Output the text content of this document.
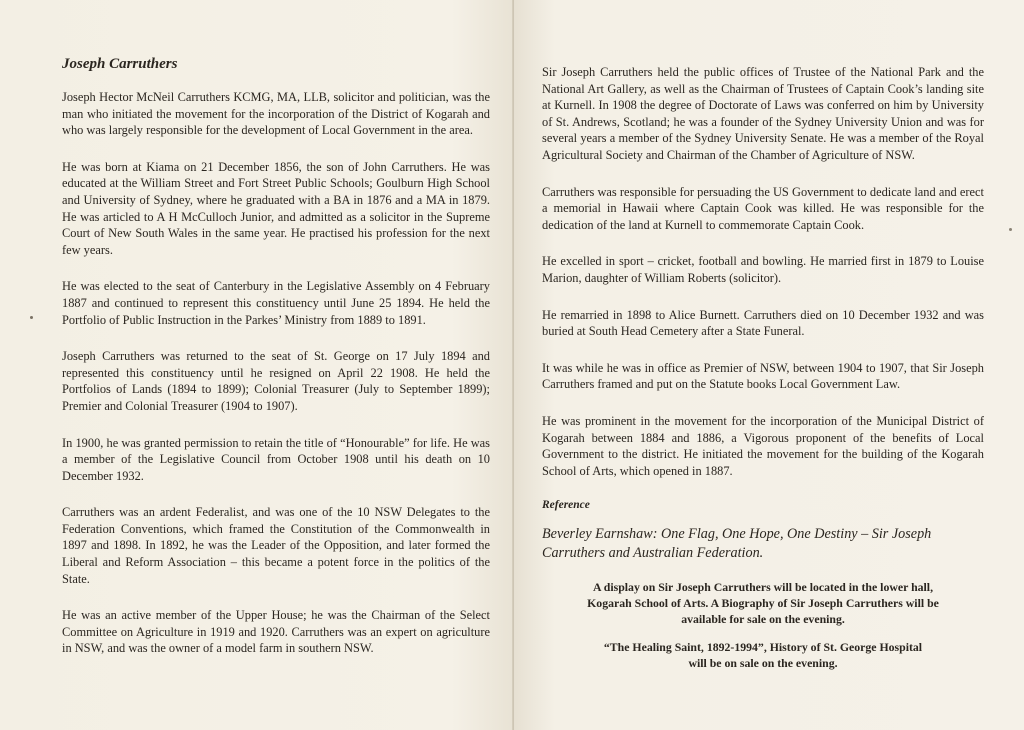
Joseph Carruthers

Joseph Hector McNeil Carruthers KCMG, MA, LLB, solicitor and politician, was the man who initiated the movement for the incorporation of the District of Kogarah and who was largely responsible for the development of Local Government in the area.

He was born at Kiama on 21 December 1856, the son of John Carruthers. He was educated at the William Street and Fort Street Public Schools; Goulburn High School and University of Sydney, where he graduated with a BA in 1876 and a MA in 1879. He was articled to A H McCulloch Junior, and admitted as a solicitor in the Supreme Court of New South Wales in the same year. He practised his profession for the next few years.

He was elected to the seat of Canterbury in the Legislative Assembly on 4 February 1887 and continued to represent this constituency until June 25 1894. He held the Portfolio of Public Instruction in the Parkes’ Ministry from 1889 to 1891.

Joseph Carruthers was returned to the seat of St. George on 17 July 1894 and represented this constituency until he resigned on April 22 1908. He held the Portfolios of Lands (1894 to 1899); Colonial Treasurer (July to September 1899); Premier and Colonial Treasurer (1904 to 1907).

In 1900, he was granted permission to retain the title of “Honourable” for life. He was a member of the Legislative Council from October 1908 until his death on 10 December 1932.

Carruthers was an ardent Federalist, and was one of the 10 NSW Delegates to the Federation Conventions, which framed the Constitution of the Commonwealth in 1897 and 1898. In 1892, he was the Leader of the Opposition, and later formed the Liberal and Reform Association – this became a potent force in the politics of the State.

He was an active member of the Upper House; he was the Chairman of the Select Committee on Agriculture in 1919 and 1920. Carruthers was an expert on agriculture in NSW, and was the owner of a model farm in southern NSW.

Sir Joseph Carruthers held the public offices of Trustee of the National Park and the National Art Gallery, as well as the Chairman of Trustees of Captain Cook’s landing site at Kurnell. In 1908 the degree of Doctorate of Laws was conferred on him by University of St. Andrews, Scotland; he was a founder of the Sydney University Union and was for several years a member of the Sydney University Senate. He was a member of the Royal Agricultural Society and Chairman of the Chamber of Agriculture of NSW.

Carruthers was responsible for persuading the US Government to dedicate land and erect a memorial in Hawaii where Captain Cook was killed. He was responsible for the dedication of the land at Kurnell to commemorate Captain Cook.

He excelled in sport – cricket, football and bowling. He married first in 1879 to Louise Marion, daughter of William Roberts (solicitor).

He remarried in 1898 to Alice Burnett. Carruthers died on 10 December 1932 and was buried at South Head Cemetery after a State Funeral.

It was while he was in office as Premier of NSW, between 1904 to 1907, that Sir Joseph Carruthers framed and put on the Statute books Local Government Law.

He was prominent in the movement for the incorporation of the Municipal District of Kogarah between 1884 and 1886, a Vigorous proponent of the benefits of Local Government to the district. He initiated the movement for the building of the Kogarah School of Arts, which opened in 1887.

Reference
Beverley Earnshaw: One Flag, One Hope, One Destiny – Sir Joseph Carruthers and Australian Federation.
A display on Sir Joseph Carruthers will be located in the lower hall,
Kogarah School of Arts. A Biography of Sir Joseph Carruthers will be
available for sale on the evening.
“The Healing Saint, 1892-1994”, History of St. George Hospital
will be on sale on the evening.
